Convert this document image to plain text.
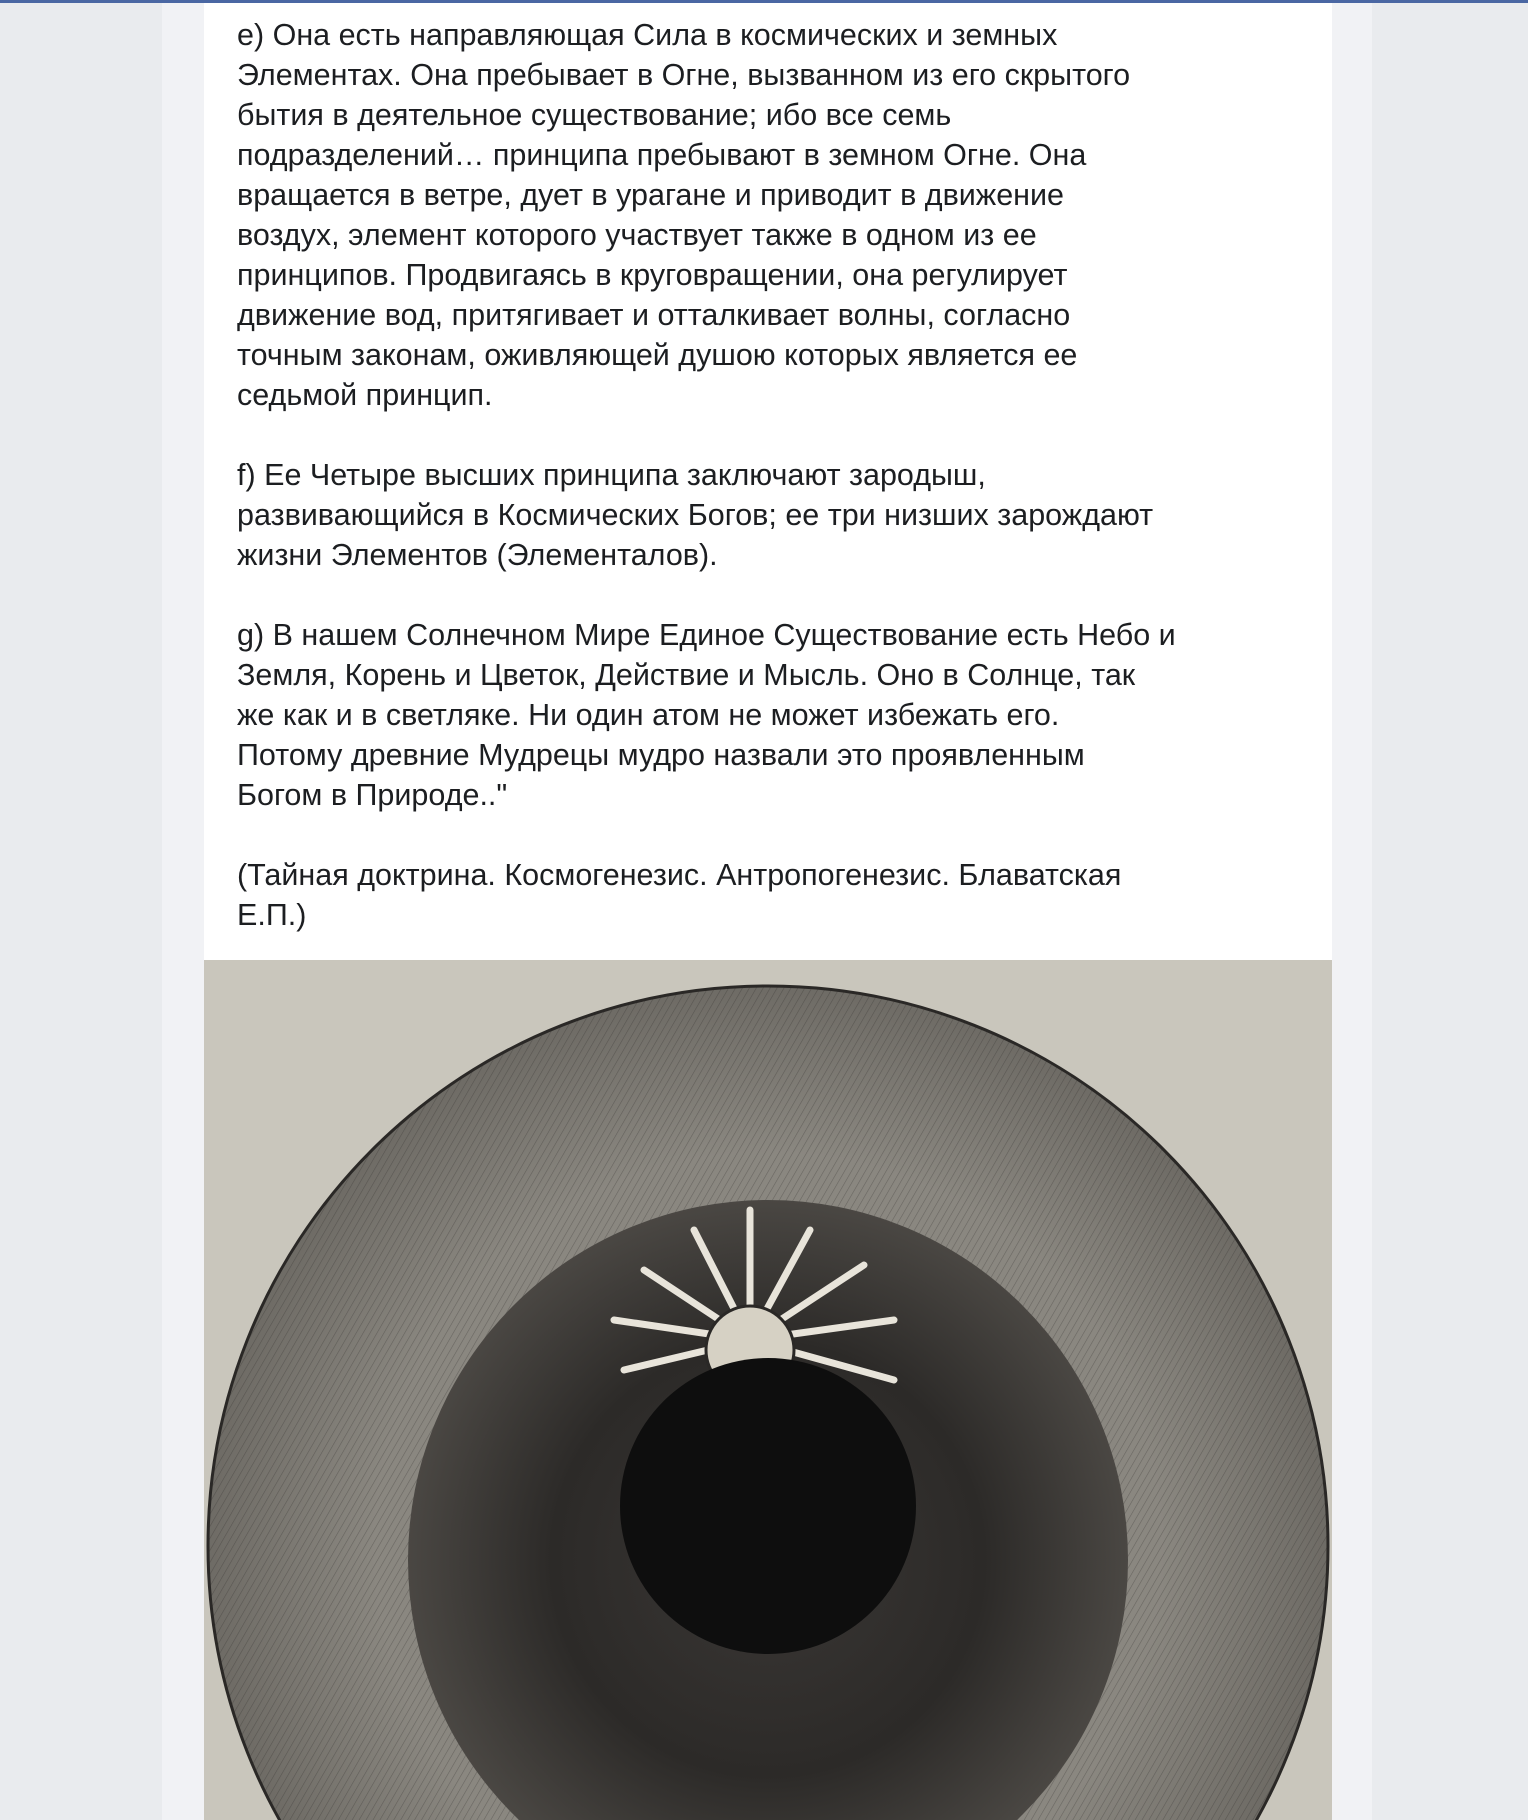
e) Она есть направляющая Сила в космических и земных
Элементах. Она пребывает в Огне, вызванном из его скрытого
бытия в деятельное существование; ибо все семь
подразделений… принципа пребывают в земном Огне. Она
вращается в ветре, дует в урагане и приводит в движение
воздух, элемент которого участвует также в одном из ее
принципов. Продвигаясь в круговращении, она регулирует
движение вод, притягивает и отталкивает волны, согласно
точным законам, оживляющей душою которых является ее
седьмой принцип.

f) Ее Четыре высших принципа заключают зародыш,
развивающийся в Космических Богов; ее три низших зарождают
жизни Элементов (Элементалов).

g) В нашем Солнечном Мире Единое Существование есть Небо и
Земля, Корень и Цветок, Действие и Мысль. Оно в Солнце, так
же как и в светляке. Ни один атом не может избежать его.
Потому древние Мудрецы мудро назвали это проявленным
Богом в Природе.."

(Тайная доктрина. Космогенезис. Антропогенезис. Блаватская
Е.П.)
